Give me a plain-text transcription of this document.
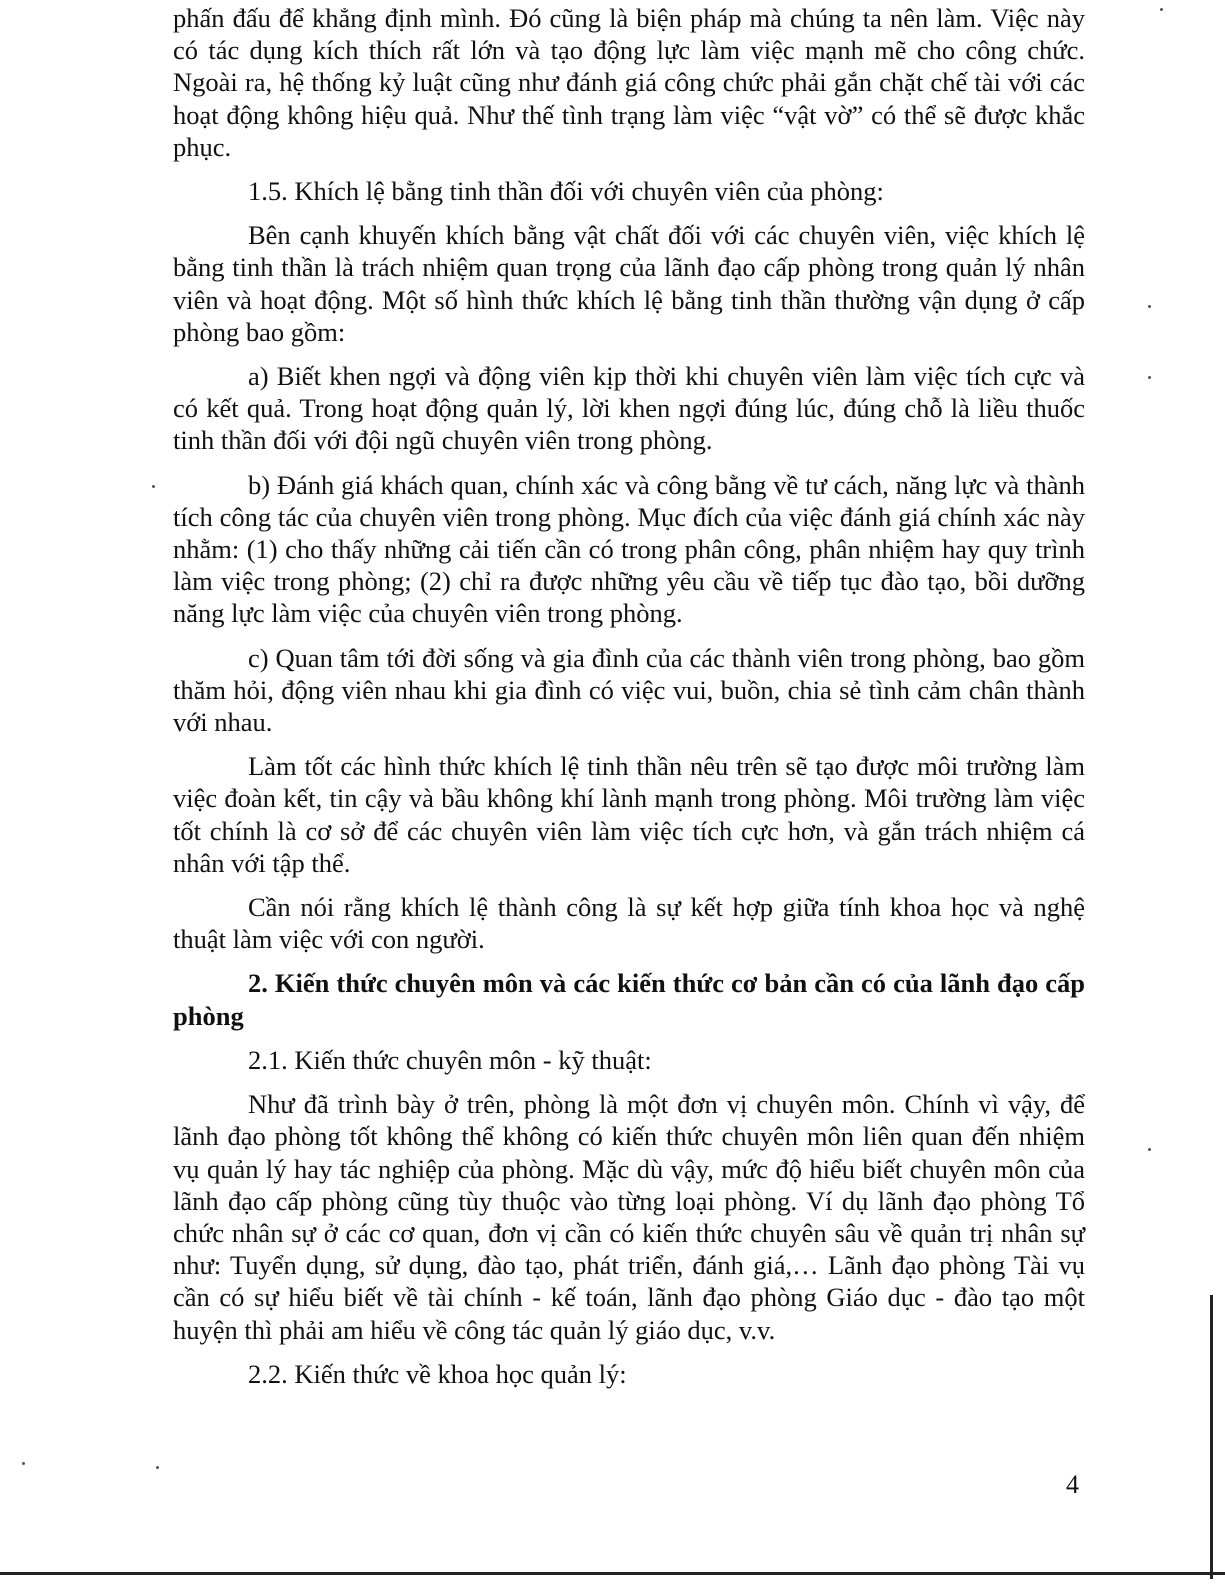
phấn đấu để khẳng định mình. Đó cũng là biện pháp mà chúng ta nên làm. Việc này có tác dụng kích thích rất lớn và tạo động lực làm việc mạnh mẽ cho công chức. Ngoài ra, hệ thống kỷ luật cũng như đánh giá công chức phải gắn chặt chế tài với các hoạt động không hiệu quả. Như thế tình trạng làm việc “vật vờ” có thể sẽ được khắc phục.

1.5. Khích lệ bằng tinh thần đối với chuyên viên của phòng:

Bên cạnh khuyến khích bằng vật chất đối với các chuyên viên, việc khích lệ bằng tinh thần là trách nhiệm quan trọng của lãnh đạo cấp phòng trong quản lý nhân viên và hoạt động. Một số hình thức khích lệ bằng tinh thần thường vận dụng ở cấp phòng bao gồm:

a) Biết khen ngợi và động viên kịp thời khi chuyên viên làm việc tích cực và có kết quả. Trong hoạt động quản lý, lời khen ngợi đúng lúc, đúng chỗ là liều thuốc tinh thần đối với đội ngũ chuyên viên trong phòng.

b) Đánh giá khách quan, chính xác và công bằng về tư cách, năng lực và thành tích công tác của chuyên viên trong phòng. Mục đích của việc đánh giá chính xác này nhằm: (1) cho thấy những cải tiến cần có trong phân công, phân nhiệm hay quy trình làm việc trong phòng; (2) chỉ ra được những yêu cầu về tiếp tục đào tạo, bồi dưỡng năng lực làm việc của chuyên viên trong phòng.

c) Quan tâm tới đời sống và gia đình của các thành viên trong phòng, bao gồm thăm hỏi, động viên nhau khi gia đình có việc vui, buồn, chia sẻ tình cảm chân thành với nhau.

Làm tốt các hình thức khích lệ tinh thần nêu trên sẽ tạo được môi trường làm việc đoàn kết, tin cậy và bầu không khí lành mạnh trong phòng. Môi trường làm việc tốt chính là cơ sở để các chuyên viên làm việc tích cực hơn, và gắn trách nhiệm cá nhân với tập thể.

Cần nói rằng khích lệ thành công là sự kết hợp giữa tính khoa học và nghệ thuật làm việc với con người.

2. Kiến thức chuyên môn và các kiến thức cơ bản cần có của lãnh đạo cấp phòng

2.1. Kiến thức chuyên môn - kỹ thuật:

Như đã trình bày ở trên, phòng là một đơn vị chuyên môn. Chính vì vậy, để lãnh đạo phòng tốt không thể không có kiến thức chuyên môn liên quan đến nhiệm vụ quản lý hay tác nghiệp của phòng. Mặc dù vậy, mức độ hiểu biết chuyên môn của lãnh đạo cấp phòng cũng tùy thuộc vào từng loại phòng. Ví dụ lãnh đạo phòng Tổ chức nhân sự ở các cơ quan, đơn vị cần có kiến thức chuyên sâu về quản trị nhân sự như: Tuyển dụng, sử dụng, đào tạo, phát triển, đánh giá,… Lãnh đạo phòng Tài vụ cần có sự hiểu biết về tài chính - kế toán, lãnh đạo phòng Giáo dục - đào tạo một huyện thì phải am hiểu về công tác quản lý giáo dục, v.v.

2.2. Kiến thức về khoa học quản lý:

4
